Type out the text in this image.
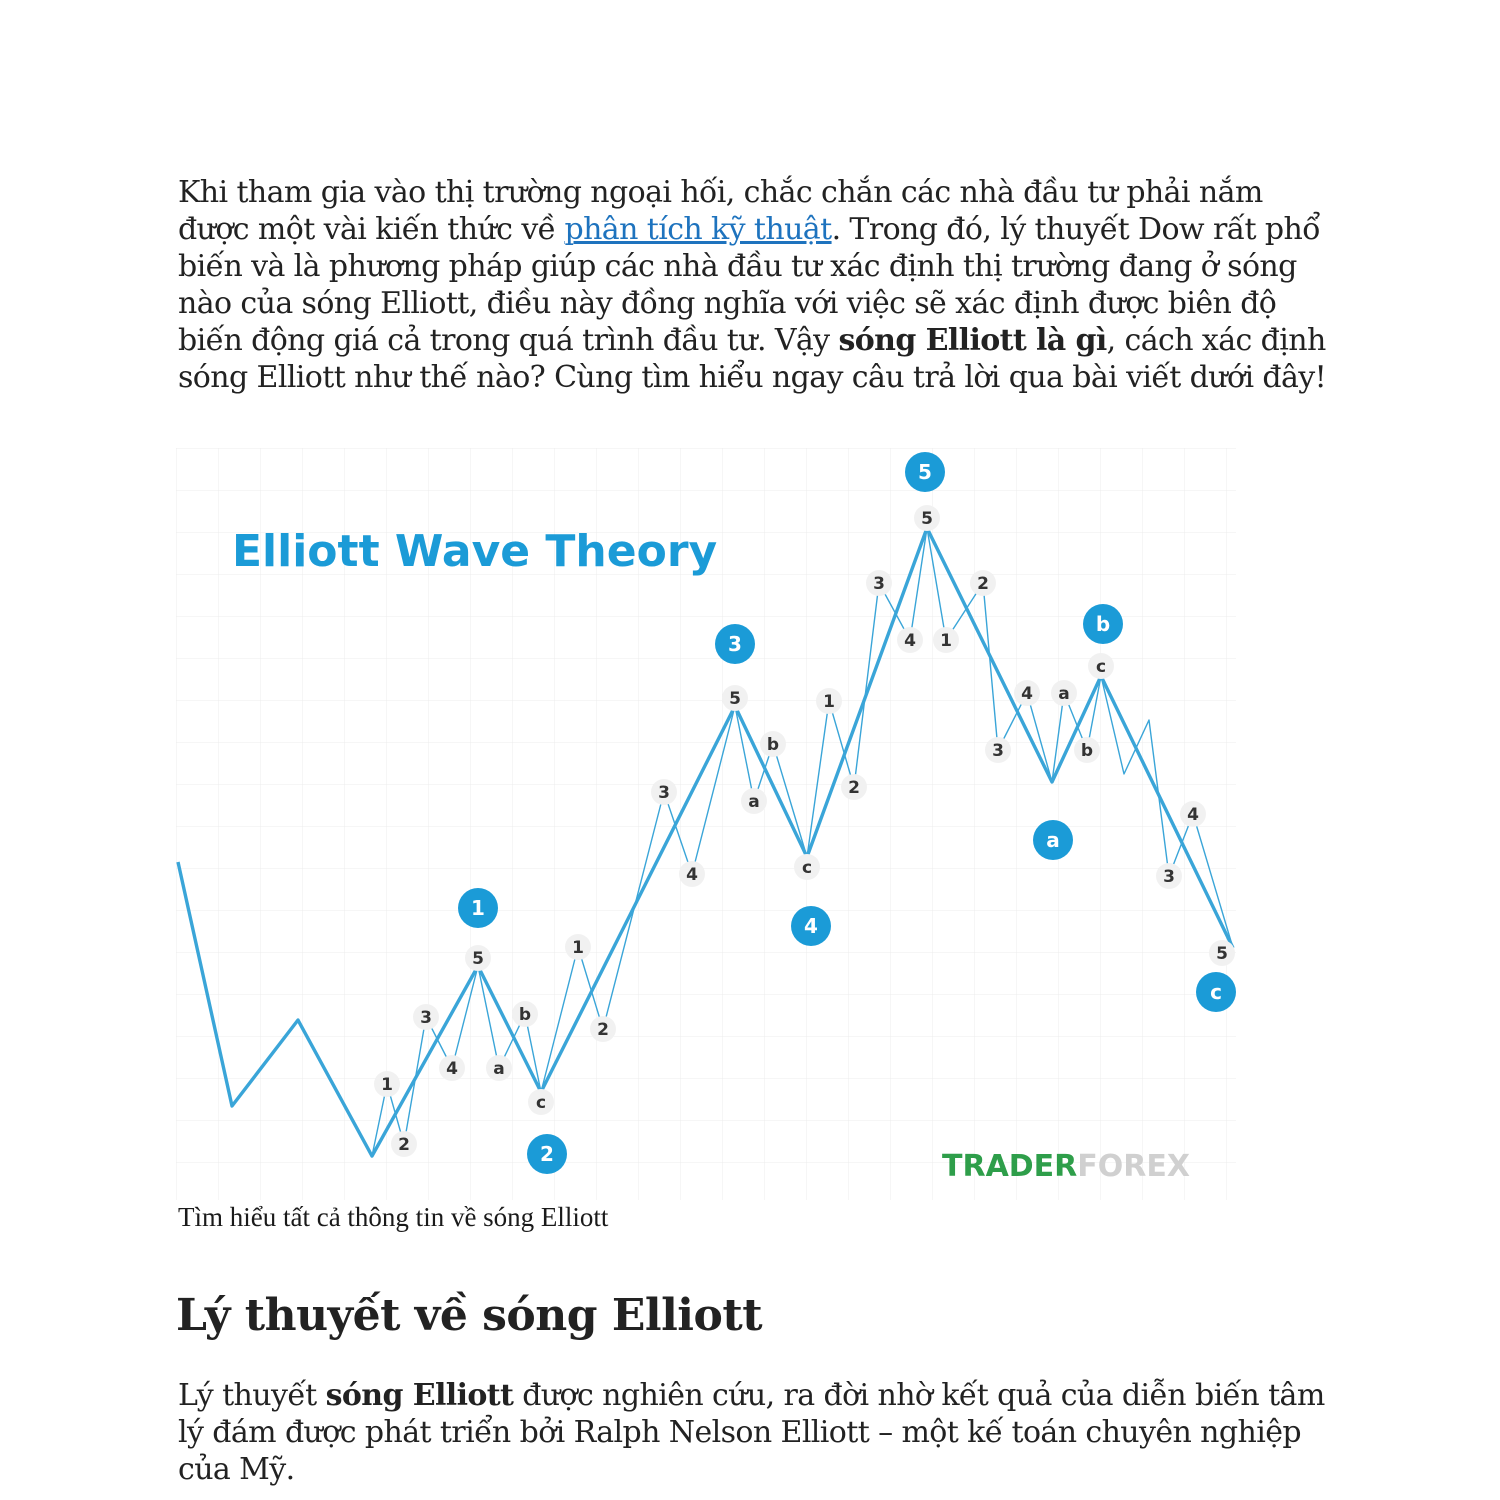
Khi tham gia vào thị trường ngoại hối, chắc chắn các nhà đầu tư phải nắm được một vài kiến thức về phân tích kỹ thuật. Trong đó, lý thuyết Dow rất phổ biến và là phương pháp giúp các nhà đầu tư xác định thị trường đang ở sóng nào của sóng Elliott, điều này đồng nghĩa với việc sẽ xác định được biên độ biến động giá cả trong quá trình đầu tư. Vậy sóng Elliott là gì, cách xác định sóng Elliott như thế nào? Cùng tìm hiểu ngay câu trả lời qua bài viết dưới đây!

Elliott Wave Theory
1
2
3
4
5
a
b
c
1
2
3
4
5
a
b
c
3
4
1
2
3
4
5
a
b
c
1
2
3
4
5
1
2
3
4
5
a
b
c
TRADERFOREX

Tìm hiểu tất cả thông tin về sóng Elliott

Lý thuyết về sóng Elliott

Lý thuyết sóng Elliott được nghiên cứu, ra đời nhờ kết quả của diễn biến tâm lý đám được phát triển bởi Ralph Nelson Elliott – một kế toán chuyên nghiệp của Mỹ.
